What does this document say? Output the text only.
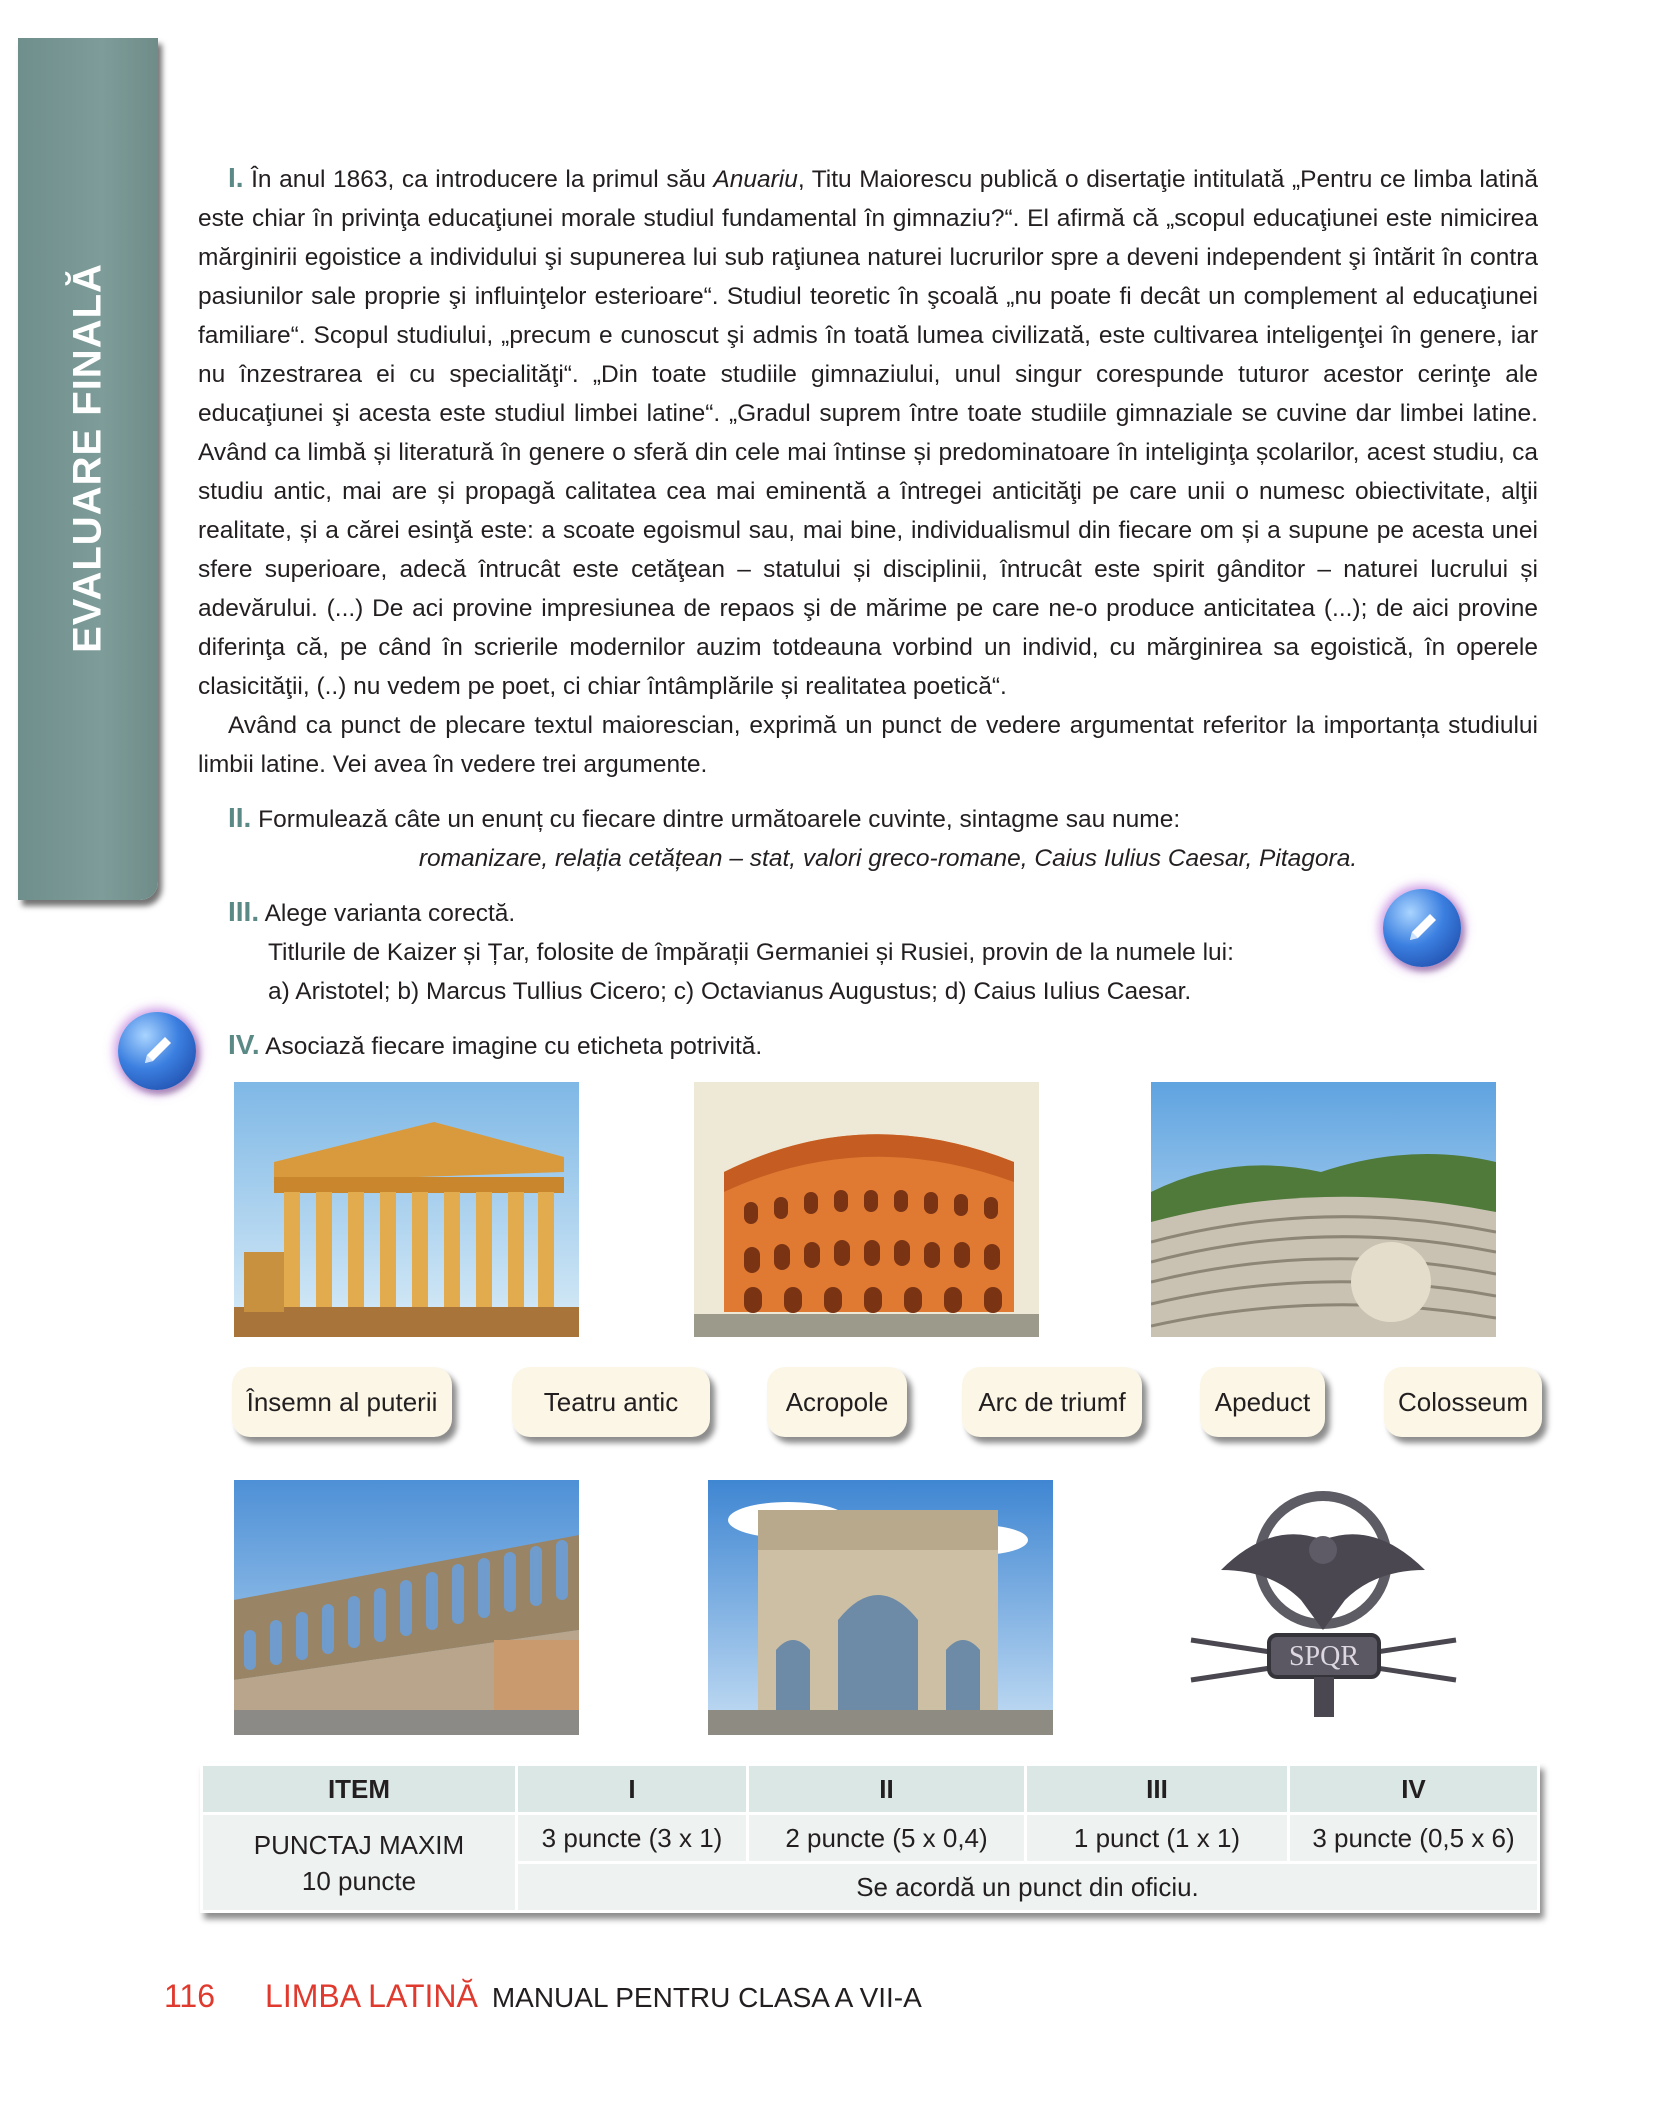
EVALUARE FINALĂ

I. În anul 1863, ca introducere la primul său Anuariu, Titu Maiorescu publică o disertaţie intitulată „Pentru ce limba latină este chiar în privinţa educaţiunei morale studiul fundamental în gimnaziu?“. El afirmă că „scopul educaţiunei este nimicirea mărginirii egoistice a individului şi supunerea lui sub raţiunea naturei lucrurilor spre a deveni independent şi întărit în contra pasiunilor sale proprie şi influinţelor esterioare“. Studiul teoretic în şcoală „nu poate fi decât un complement al educaţiunei familiare“. Scopul studiului, „precum e cunoscut şi admis în toată lumea civilizată, este cultivarea inteligenţei în genere, iar nu înzestrarea ei cu specialităţi“. „Din toate studiile gimnaziului, unul singur corespunde tuturor acestor cerinţe ale educaţiunei şi acesta este studiul limbei latine“. „Gradul suprem între toate studiile gimnaziale se cuvine dar limbei latine. Având ca limbă și literatură în genere o sferă din cele mai întinse și predominatoare în inteliginţa școlarilor, acest studiu, ca studiu antic, mai are și propagă calitatea cea mai eminentă a întregei anticităţi pe care unii o numesc obiectivitate, alţii realitate, și a cărei esinţă este: a scoate egoismul sau, mai bine, individualismul din fiecare om și a supune pe acesta unei sfere superioare, adecă întrucât este cetăţean – statului și disciplinii, întrucât este spirit gânditor – naturei lucrului și adevărului. (...) De aci provine impresiunea de repaos şi de mărime pe care ne-o produce anticitatea (...); de aici provine diferinţa că, pe când în scrierile modernilor auzim totdeauna vorbind un individ, cu mărginirea sa egoistică, în operele clasicităţii, (..) nu vedem pe poet, ci chiar întâmplările și realitatea poetică“.

Având ca punct de plecare textul maiorescian, exprimă un punct de vedere argumentat referitor la importanța studiului limbii latine. Vei avea în vedere trei argumente.

II. Formulează câte un enunț cu fiecare dintre următoarele cuvinte, sintagme sau nume:

romanizare, relația cetățean – stat, valori greco-romane, Caius Iulius Caesar, Pitagora.

III. Alege varianta corectă.

Titlurile de Kaizer și Țar, folosite de împărații Germaniei și Rusiei, provin de la numele lui:

a) Aristotel; b) Marcus Tullius Cicero; c) Octavianus Augustus; d) Caius Iulius Caesar.

IV. Asociază fiecare imagine cu eticheta potrivită.

Însemn al puterii	Teatru antic	Acropole	Arc de triumf	Apeduct	Colosseum
SPQR
ITEM	I	II	III	IV

PUNCTAJ MAXIM
10 puncte	3 puncte (3 x 1)	2 puncte (5 x 0,4)	1 punct (1 x 1)	3 puncte (0,5 x 6)
	Se acordă un punct din oficiu.			
116 LIMBA LATINĂ MANUAL PENTRU CLASA A VII-A
